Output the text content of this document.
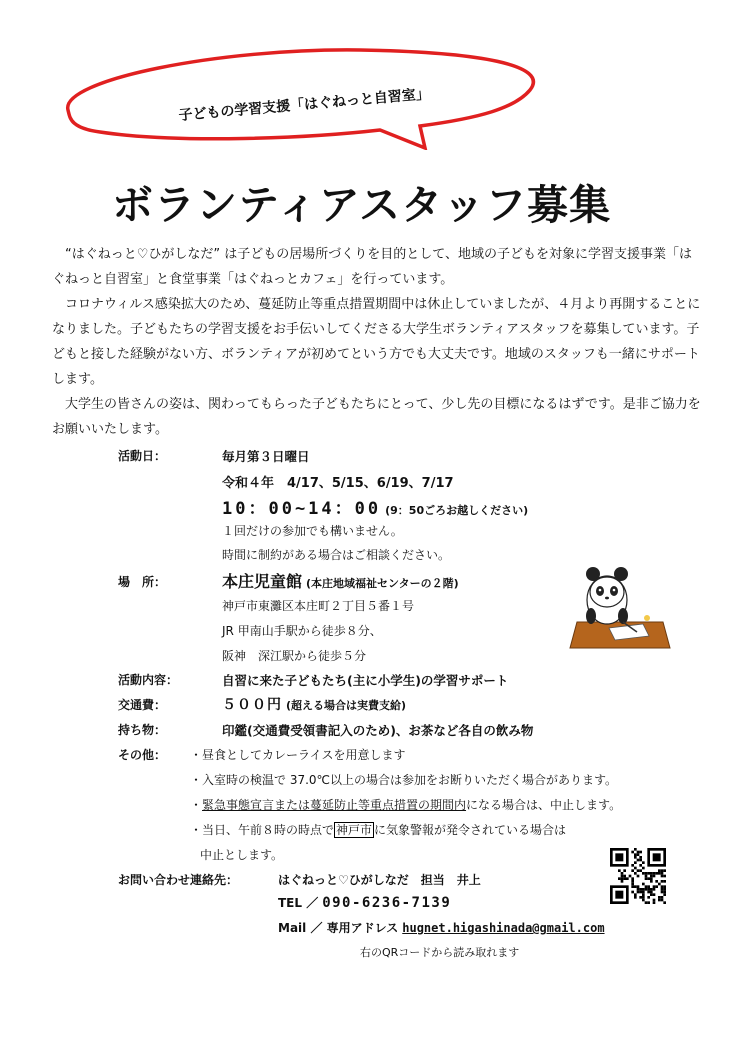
子どもの学習支援「はぐねっと自習室」
ボランティアスタッフ募集

“はぐねっと♡ひがしなだ” は子どもの居場所づくりを目的として、地域の子どもを対象に学習支援事業「はぐねっと自習室」と食堂事業「はぐねっとカフェ」を行っています。

コロナウィルス感染拡大のため、蔓延防止等重点措置期間中は休止していましたが、４月より再開することになりました。子どもたちの学習支援をお手伝いしてくださる大学生ボランティアスタッフを募集しています。子どもと接した経験がない方、ボランティアが初めてという方でも大丈夫です。地域のスタッフも一緒にサポートします。

大学生の皆さんの姿は、関わってもらった子どもたちにとって、少し先の目標になるはずです。是非ご協力をお願いいたします。

活動日：	毎月第３日曜日
令和４年　4/17、5/15、6/19、7/17
10：00~14：00 (9：50ごろお越しください)
１回だけの参加でも構いません。
時間に制約がある場合はご相談ください。
場　所：	本庄児童館 (本庄地域福祉センターの２階)
神戸市東灘区本庄町２丁目５番１号
JR 甲南山手駅から徒歩８分、
阪神　深江駅から徒歩５分
活動内容：	自習に来た子どもたち(主に小学生)の学習サポート
交通費：	５００円 (超える場合は実費支給)
持ち物：	印鑑(交通費受領書記入のため)、お茶など各自の飲み物
その他： ・昼食としてカレーライスを用意します
・入室時の検温で 37.0℃以上の場合は参加をお断りいただく場合があります。
・緊急事態宣言または蔓延防止等重点措置の期間内になる場合は、中止します。
・当日、午前８時の時点で 神戸市 に気象警報が発令されている場合は
中止とします。
お問い合わせ連絡先：	はぐねっと♡ひがしなだ　担当　井上
TEL ／ 090-6236-7139
Mail ／ 専用アドレス hugnet.higashinada@gmail.com
右のQRコードから読み取れます
